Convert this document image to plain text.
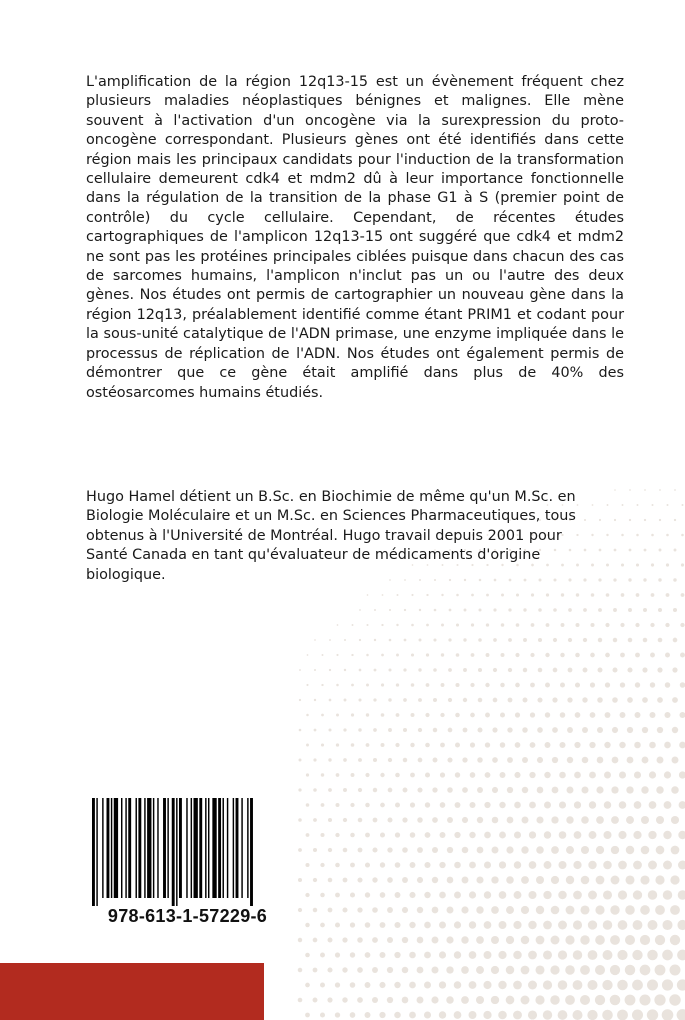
L'amplification de la région 12q13-15 est un évènement fréquent chez plusieurs maladies néoplastiques bénignes et malignes. Elle mène souvent à l'activation d'un oncogène via la surexpression du proto-oncogène correspondant. Plusieurs gènes ont été identifiés dans cette région mais les principaux candidats pour l'induction de la transformation cellulaire demeurent cdk4 et mdm2 dû à leur importance fonctionnelle dans la régulation de la transition de la phase G1 à S (premier point de contrôle) du cycle cellulaire. Cependant, de récentes études cartographiques de l'amplicon 12q13-15 ont suggéré que cdk4 et mdm2 ne sont pas les protéines principales ciblées puisque dans chacun des cas de sarcomes humains, l'amplicon n'inclut pas un ou l'autre des deux gènes. Nos études ont permis de cartographier un nouveau gène dans la région 12q13, préalablement identifié comme étant PRIM1 et codant pour la sous-unité catalytique de l'ADN primase, une enzyme impliquée dans le processus de réplication de l'ADN. Nos études ont également permis de démontrer que ce gène était amplifié dans plus de 40% des ostéosarcomes humains étudiés.

Hugo Hamel détient un B.Sc. en Biochimie de même qu'un M.Sc. en Biologie Moléculaire et un M.Sc. en Sciences Pharmaceutiques, tous obtenus à l'Université de Montréal. Hugo travail depuis 2001 pour Santé Canada en tant qu'évaluateur de médicaments d'origine biologique.

978-613-1-57229-6
